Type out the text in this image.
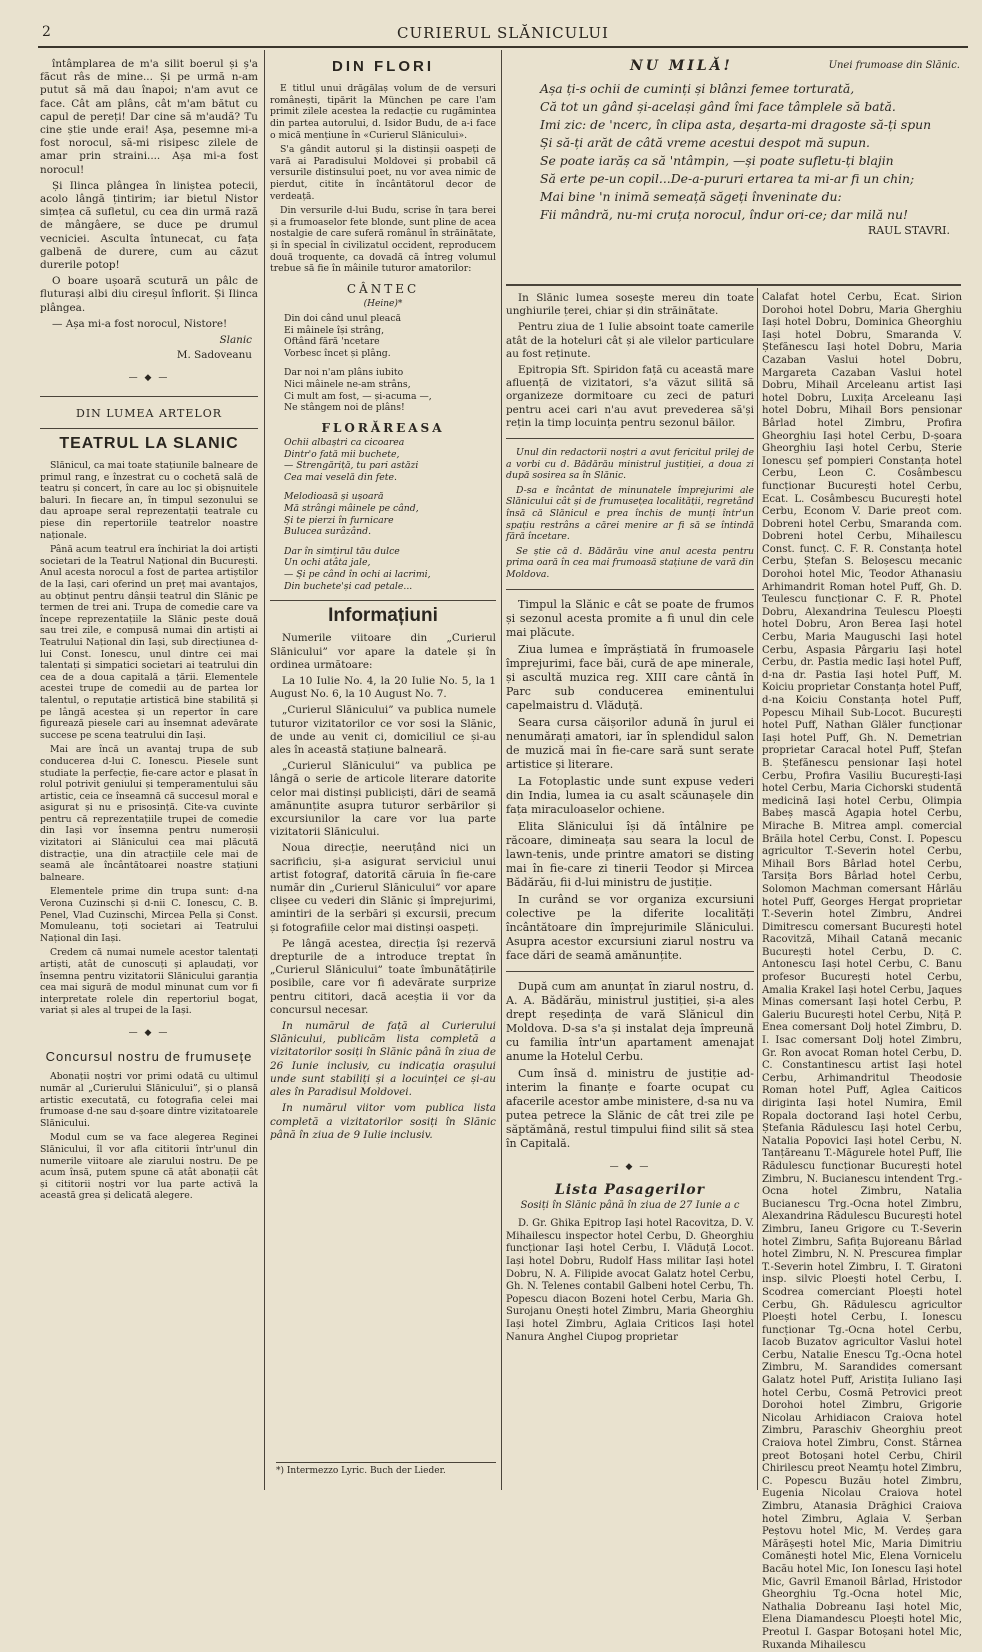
2	CURIERUL SLĂNICULUI

întâmplarea de m'a silit boerul și ș'a făcut râs de mine... Și pe urmă n-am putut să mă dau înapoi; n'am avut ce face. Cât am plâns, cât m'am bătut cu capul de pereți! Dar cine să m'audă? Tu cine știe unde erai! Așa, pesemne mi-a fost norocul, să-mi risipesc zilele de amar prin straini.... Așa mi-a fost norocul!

Și Ilinca plângea în liniștea potecii, acolo lângă țintirim; iar bietul Nistor simțea că sufletul, cu cea din urmă rază de mângâere, se duce pe drumul vecniciei. Asculta întunecat, cu fața galbenă de durere, cum au căzut durerile potop!

O boare ușoară scutură un pâlc de fluturași albi diu cireșul înflorit. Și Ilinca plângea.

— Așa mi-a fost norocul, Nistore!

Slanic
M. Sadoveanu
— ◆ —
DIN LUMEA ARTELOR
TEATRUL LA SLANIC

Slănicul, ca mai toate stațiunile balneare de primul rang, e înzestrat cu o cochetă sală de teatru și concert, în care au loc și obișnuitele baluri. In fiecare an, în timpul sezonului se dau aproape seral reprezentații teatrale cu piese din repertoriile teatrelor noastre naționale.

Până acum teatrul era închiriat la doi artiști societari de la Teatrul Național din București. Anul acesta norocul a fost de partea artiștilor de la Iași, cari oferind un preț mai avantajos, au obținut pentru dânșii teatrul din Slănic pe termen de trei ani. Trupa de comedie care va începe reprezentațiile la Slănic peste două sau trei zile, e compusă numai din artiști ai Teatrului Național din Iași, sub direcțiunea d-lui Const. Ionescu, unul dintre cei mai talentați și simpatici societari ai teatrului din cea de a doua capitală a țării. Elementele acestei trupe de comedii au de partea lor talentul, o reputație artistică bine stabilită și pe lângă acestea și un repertor în care figurează piesele cari au însemnat adevărate succese pe scena teatrului din Iași.

Mai are încă un avantaj trupa de sub conducerea d-lui C. Ionescu. Piesele sunt studiate la perfecție, fie-care actor e plasat în rolul potrivit geniului și temperamentului său artistic, ceia ce înseamnă că succesul moral e asigurat și nu e prisosință. Cite-va cuvinte pentru că reprezentațiile trupei de comedie din Iași vor însemna pentru numeroșii vizitatori ai Slănicului cea mai plăcută distracție, una din atracțiile cele mai de seamă ale încântătoarei noastre stațiuni balneare.

Elementele prime din trupa sunt: d-na Verona Cuzinschi și d-nii C. Ionescu, C. B. Penel, Vlad Cuzinschi, Mircea Pella și Const. Momuleanu, toți societari ai Teatrului Național din Iași.

Credem că numai numele acestor talentați artiști, atât de cunoscuți și aplaudați, vor însemna pentru vizitatorii Slănicului garanția cea mai sigură de modul minunat cum vor fi interpretate rolele din repertoriul bogat, variat și ales al trupei de la Iași.

— ◆ —
Concursul nostru de frumusețe

Abonații noștri vor primi odată cu ultimul număr al „Curierului Slănicului”, și o plansă artistic executată, cu fotografia celei mai frumoase d-ne sau d-șoare dintre vizitatoarele Slănicului.

Modul cum se va face alegerea Reginei Slănicului, îl vor afla cititorii într'unul din numerile viitoare ale ziarului nostru. De pe acum însă, putem spune că atât abonații cât și cititorii noștri vor lua parte activă la această grea și delicată alegere.

DIN FLORI

E titlul unui drăgălaș volum de de versuri românești, tipărit la München pe care l'am primit zilele acestea la redacție cu rugămintea din partea autorului, d. Isidor Budu, de a-i face o mică mențiune în «Curierul Slănicului».

S'a gândit autorul și la distinșii oaspeți de vară ai Paradisului Moldovei și probabil că versurile distinsului poet, nu vor avea nimic de pierdut, citite în încântătorul decor de verdeață.

Din versurile d-lui Budu, scrise în țara berei și a frumoaselor fete blonde, sunt pline de acea nostalgie de care suferă românul în străinătate, și în special în civilizatul occident, reproducem două troquente, ca dovadă că întreg volumul trebue să fie în mâinile tuturor amatorilor:

CÂNTEC
(Heine)*
Din doi când unul pleacă
Ei mâinele își strâng,
Oftând fără 'ncetare
Vorbesc încet și plâng.
Dar noi n'am plâns iubito
Nici mâinele ne-am strâns,
Ci mult am fost, — și-acuma —,
Ne stângem noi de plâns!
FLORĂREASA
Ochii albaștri ca cicoarea
Dintr'o fată mii buchete,
— Strengăriță, tu pari astăzi
Cea mai veselă din fete.
Melodioasă și ușoară
Mă strângi mâinele pe când,
Și te pierzi în furnicare
Bulucea surâzând.
Dar în simțirul tău dulce
Un ochi atâta jale,
— Și pe când în ochi ai lacrimi,
Din buchete'și cad petale...
Informațiuni

Numerile viitoare din „Curierul Slănicului” vor apare la datele și în ordinea următoare:

La 10 Iulie No. 4, la 20 Iulie No. 5, la 1 August No. 6, la 10 August No. 7.

„Curierul Slănicului” va publica numele tuturor vizitatorilor ce vor sosi la Slănic, de unde au venit ci, domiciliul ce și-au ales în această stațiune balneară.

„Curierul Slănicului” va publica pe lângă o serie de articole literare datorite celor mai distinși publiciști, dări de seamă amănunțite asupra tuturor serbărilor și excursiunilor la care vor lua parte vizitatorii Slănicului.

Noua direcție, neeruțând nici un sacrificiu, și-a asigurat serviciul unui artist fotograf, datorită căruia în fie-care număr din „Curierul Slănicului” vor apare clișee cu vederi din Slănic și împrejurimi, amintiri de la serbări și excursii, precum și fotografiile celor mai distinși oaspeți.

Pe lângă acestea, direcția își rezervă drepturile de a introduce treptat în „Curierul Slănicului” toate îmbunătățirile posibile, care vor fi adevărate surprize pentru cititori, dacă aceștia ii vor da concursul necesar.

In numărul de față al Curierului Slănicului, publicăm lista completă a vizitatorilor sosiți în Slănic până în ziua de 26 Iunie inclusiv, cu indicația orașului unde sunt stabiliți și a locuinței ce și-au ales în Paradisul Moldovei.

In numărul viitor vom publica lista completă a vizitatorilor sosiți în Slănic până în ziua de 9 Iulie inclusiv.

*) Intermezzo Lyric. Buch der Lieder.
NU MILĂ!	Unei frumoase din Slănic.
Așa ți-s ochii de cuminți și blânzi femee torturată,
Că tot un gând și-același gând îmi face tâmplele să bată.
Imi zic: de 'ncerc, în clipa asta, deșarta-mi dragoste să-ți spun
Și să-ți arăt de câtă vreme acestui despot mă supun.
Se poate iarăș ca să 'ntâmpin, —și poate sufletu-ți blajin
Să erte pe-un copil...De-a-pururi ertarea ta mi-ar fi un chin;
Mai bine 'n inimă semeață săgeți înveninate du:
Fii mândră, nu-mi cruța norocul, îndur ori-ce; dar milă nu!
RAUL STAVRI.

In Slănic lumea sosește mereu din toate unghiurile țerei, chiar și din străinătate.

Pentru ziua de 1 Iulie absoint toate camerile atât de la hoteluri cât și ale vilelor particulare au fost reținute.

Epitropia Sft. Spiridon față cu această mare afluență de vizitatori, s'a văzut silită să organizeze dormitoare cu zeci de paturi pentru acei cari n'au avut prevederea să'și rețin la timp locuința pentru sezonul băilor.

Unul din redactorii noștri a avut fericitul prilej de a vorbi cu d. Bădărău ministrul justiției, a doua zi după sosirea sa în Slănic.

D-sa e încântat de minunatele împrejurimi ale Slănicului cât și de frumusețea localității, regretând însă că Slănicul e prea închis de munți într'un spațiu restrâns a cărei menire ar fi să se întindă fără încetare.

Se știe că d. Bădărău vine anul acesta pentru prima oară în cea mai frumoasă stațiune de vară din Moldova.

Timpul la Slănic e cât se poate de frumos și sezonul acesta promite a fi unul din cele mai plăcute.

Ziua lumea e împrăștiată în frumoasele împrejurimi, face băi, cură de ape minerale, și ascultă muzica reg. XIII care cântă în Parc sub conducerea eminentului capelmaistru d. Vlăduță.

Seara cursa căișorilor adună în jurul ei nenumărați amatori, iar în splendidul salon de muzică mai în fie-care sară sunt serate artistice și literare.

La Fotoplastic unde sunt expuse vederi din India, lumea ia cu asalt scăunașele din fața miraculoaselor ochiene.

Elita Slănicului își dă întâlnire pe răcoare, dimineața sau seara la locul de lawn-tenis, unde printre amatori se disting mai în fie-care zi tinerii Teodor și Mircea Bădărău, fii d-lui ministru de justiție.

In curând se vor organiza excursiuni colective pe la diferite localități încântătoare din împrejurimile Slănicului. Asupra acestor excursiuni ziarul nostru va face dări de seamă amănunțite.

După cum am anunțat în ziarul nostru, d. A. A. Bădărău, ministrul justiției, și-a ales drept reședința de vară Slănicul din Moldova. D-sa s'a și instalat deja împreună cu familia într'un apartament amenajat anume la Hotelul Cerbu.

Cum însă d. ministru de justiție ad-interim la finanțe e foarte ocupat cu afacerile acestor ambe ministere, d-sa nu va putea petrece la Slănic de cât trei zile pe săptămână, restul timpului fiind silit să stea în Capitală.

— ◆ —
Lista Pasagerilor
Sosiți în Slănic până în ziua de 27 Iunie a c

D. Gr. Ghika Epitrop Iași hotel Racovitza, D. V. Mihailescu inspector hotel Cerbu, D. Gheorghiu funcționar Iași hotel Cerbu, I. Vlăduță Locot. Iași hotel Dobru, Rudolf Hass militar Iași hotel Dobru, N. A. Filipide avocat Galatz hotel Cerbu, Gh. N. Telenes contabil Galbeni hotel Cerbu, Th. Popescu diacon Bozeni hotel Cerbu, Maria Gh. Surojanu Onești hotel Zimbru, Maria Gheorghiu Iași hotel Zimbru, Aglaia Criticos Iași hotel Nanura Anghel Ciupog proprietar

Calafat hotel Cerbu, Ecat. Sirion Dorohoi hotel Dobru, Maria Gherghiu Iași hotel Dobru, Dominica Gheorghiu Iași hotel Dobru, Smaranda V. Ștefănescu Iași hotel Dobru, Maria Cazaban Vaslui hotel Dobru, Margareta Cazaban Vaslui hotel Dobru, Mihail Arceleanu artist Iași hotel Dobru, Luxița Arceleanu Iași hotel Dobru, Mihail Bors pensionar Bârlad hotel Zimbru, Profira Gheorghiu Iași hotel Cerbu, D-șoara Gheorghiu Iași hotel Cerbu, Sterie Ionescu șef pompieri Constanța hotel Cerbu, Leon C. Cosâmbescu funcționar București hotel Cerbu, Ecat. L. Cosâmbescu București hotel Cerbu, Econom V. Darie preot com. Dobreni hotel Cerbu, Smaranda com. Dobreni hotel Cerbu, Mihailescu Const. funcț. C. F. R. Constanța hotel Cerbu, Ștefan S. Beloșescu mecanic Dorohoi hotel Mic, Teodor Athanasiu Arhimandrit Roman hotel Puff, Gh. D. Teulescu funcționar C. F. R. Photel Dobru, Alexandrina Teulescu Ploești hotel Dobru, Aron Berea Iași hotel Cerbu, Maria Mauguschi Iași hotel Cerbu, Aspasia Pârgariu Iași hotel Cerbu, dr. Pastia medic Iași hotel Puff, d-na dr. Pastia Iași hotel Puff, M. Koiciu proprietar Constanța hotel Puff, d-na Koiciu Constanța hotel Puff, Popescu Mihail Sub-Locot. București hotel Puff, Nathan Gläler funcționar Iași hotel Puff, Gh. N. Demetrian proprietar Caracal hotel Puff, Ștefan B. Ștefănescu pensionar Iași hotel Cerbu, Profira Vasiliu București-Iași hotel Cerbu, Maria Cichorski studentă medicină Iași hotel Cerbu, Olimpia Babeș mască Agapia hotel Cerbu, Mirache B. Mitrea ampl. comercial Brăila hotel Cerbu, Const. I. Popescu agricultor T.-Severin hotel Cerbu, Mihail Bors Bârlad hotel Cerbu, Tarsița Bors Bârlad hotel Cerbu, Solomon Machman comersant Hârlău hotel Puff, Georges Hergat proprietar T.-Severin hotel Zimbru, Andrei Dimitrescu comersant București hotel Racovitză, Mihail Catană mecanic București hotel Cerbu, D. C. Antonescu Iași hotel Cerbu, C. Banu profesor București hotel Cerbu, Amalia Krakel Iași hotel Cerbu, Jaques Minas comersant Iași hotel Cerbu, P. Galeriu București hotel Cerbu, Niță P. Enea comersant Dolj hotel Zimbru, D. I. Isac comersant Dolj hotel Zimbru, Gr. Ron avocat Roman hotel Cerbu, D. C. Constantinescu artist Iași hotel Cerbu, Arhimandritul Theodosie Roman hotel Puff, Aglea Caiticos diriginta Iași hotel Numira, Emil Ropala doctorand Iași hotel Cerbu, Ștefania Rădulescu Iași hotel Cerbu, Natalia Popovici Iași hotel Cerbu, N. Tanțăreanu T.-Măgurele hotel Puff, Ilie Rădulescu funcționar București hotel Zimbru, N. Bucianescu intendent Trg.-Ocna hotel Zimbru, Natalia Bucianescu Trg.-Ocna hotel Zimbru, Alexandrina Rădulescu București hotel Zimbru, Ianeu Grigore cu T.-Severin hotel Zimbru, Safița Bujoreanu Bârlad hotel Zimbru, N. N. Prescurea fimplar T.-Severin hotel Zimbru, I. T. Giratoni insp. silvic Ploești hotel Cerbu, I. Scodrea comerciant Ploești hotel Cerbu, Gh. Rădulescu agricultor Ploești hotel Cerbu, I. Ionescu funcționar Tg.-Ocna hotel Cerbu, Iacob Buzatov agricultor Vaslui hotel Cerbu, Natalie Enescu Tg.-Ocna hotel Zimbru, M. Sarandides comersant Galatz hotel Puff, Aristița Iuliano Iași hotel Cerbu, Cosmă Petrovici preot Dorohoi hotel Zimbru, Grigorie Nicolau Arhidiacon Craiova hotel Zimbru, Paraschiv Gheorghiu preot Craiova hotel Zimbru, Const. Stârnea preot Botoșani hotel Cerbu, Chiril Chirilescu preot Neamțu hotel Zimbru, C. Popescu Buzău hotel Zimbru, Eugenia Nicolau Craiova hotel Zimbru, Atanasia Drăghici Craiova hotel Zimbru, Aglaia V. Șerban Peștovu hotel Mic, M. Verdeș gara Mărășești hotel Mic, Maria Dimitriu Comănești hotel Mic, Elena Vornicelu Bacău hotel Mic, Ion Ionescu Iași hotel Mic, Gavril Emanoil Bârlad, Hristodor Gheorghiu Tg.-Ocna hotel Mic, Nathalia Dobreanu Iași hotel Mic, Elena Diamandescu Ploești hotel Mic, Preotul I. Gaspar Botoșani hotel Mic, Ruxanda Mihailescu
